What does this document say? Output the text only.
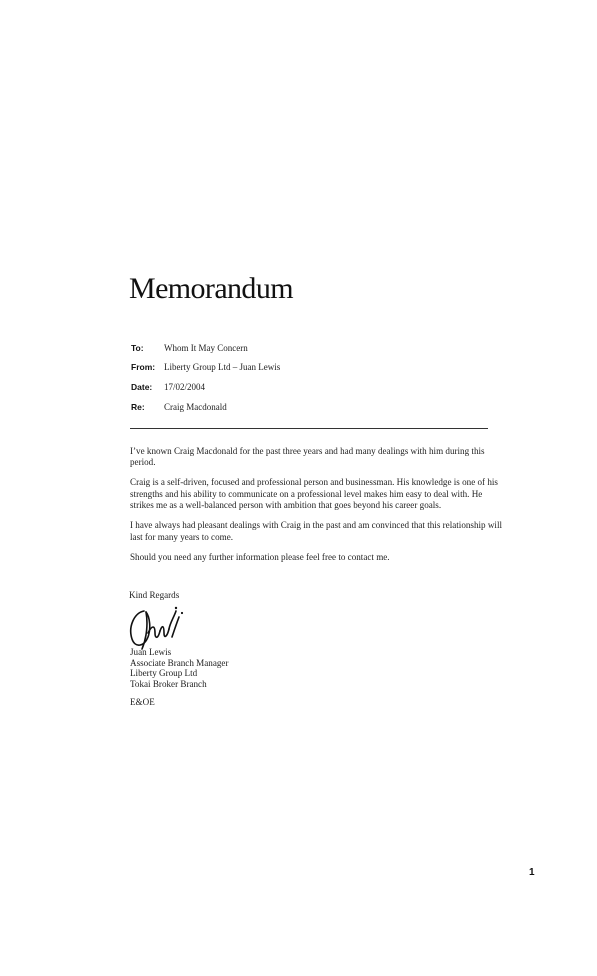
Memorandum
To:	Whom It May Concern
From: Liberty Group Ltd – Juan Lewis
Date:	17/02/2004
Re:	Craig Macdonald

I’ve known Craig Macdonald for the past three years and had many dealings with him during this period.

Craig is a self-driven, focused and professional person and businessman. His knowledge is one of his strengths and his ability to communicate on a professional level makes him easy to deal with. He strikes me as a well-balanced person with ambition that goes beyond his career goals.

I have always had pleasant dealings with Craig in the past and am convinced that this relationship will last for many years to come.

Should you need any further information please feel free to contact me.

Kind Regards
Juan Lewis
Associate Branch Manager
Liberty Group Ltd
Tokai Broker Branch
E&OE
1
